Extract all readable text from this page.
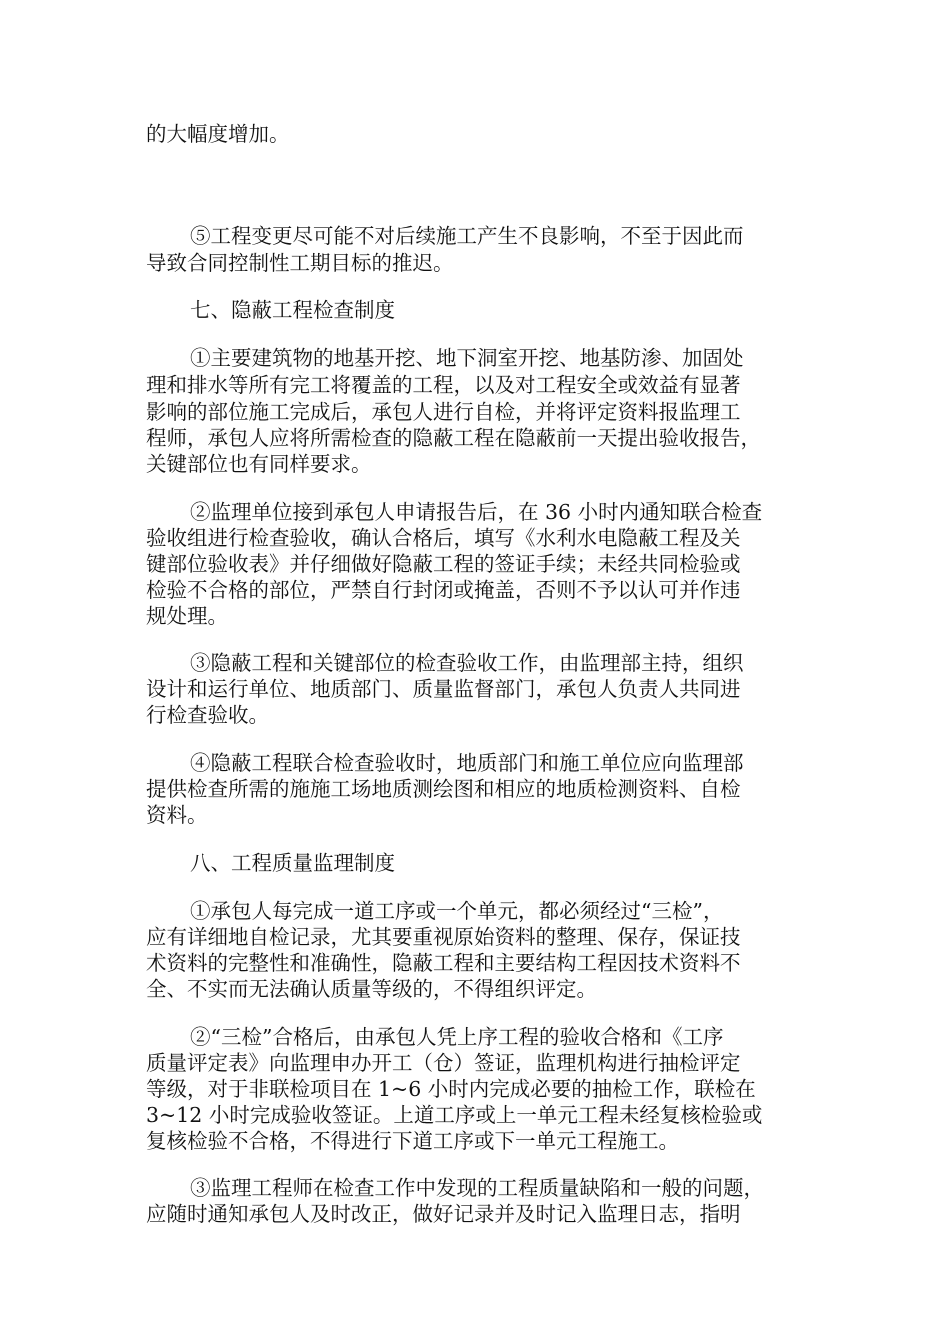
的大幅度增加。
⑤工程变更尽可能不对后续施工产生不良影响，不至于因此而
导致合同控制性工期目标的推迟。
七、隐蔽工程检查制度
①主要建筑物的地基开挖、地下洞室开挖、地基防渗、加固处
理和排水等所有完工将覆盖的工程，以及对工程安全或效益有显著
影响的部位施工完成后，承包人进行自检，并将评定资料报监理工
程师，承包人应将所需检查的隐蔽工程在隐蔽前一天提出验收报告，
关键部位也有同样要求。
②监理单位接到承包人申请报告后，在 36 小时内通知联合检查
验收组进行检查验收，确认合格后，填写《水利水电隐蔽工程及关
键部位验收表》并仔细做好隐蔽工程的签证手续；未经共同检验或
检验不合格的部位，严禁自行封闭或掩盖，否则不予以认可并作违
规处理。
③隐蔽工程和关键部位的检查验收工作，由监理部主持，组织
设计和运行单位、地质部门、质量监督部门，承包人负责人共同进
行检查验收。
④隐蔽工程联合检查验收时，地质部门和施工单位应向监理部
提供检查所需的施施工场地质测绘图和相应的地质检测资料、自检
资料。
八、工程质量监理制度
①承包人每完成一道工序或一个单元，都必须经过“三检”，
应有详细地自检记录，尤其要重视原始资料的整理、保存，保证技
术资料的完整性和准确性，隐蔽工程和主要结构工程因技术资料不
全、不实而无法确认质量等级的，不得组织评定。
②“三检”合格后，由承包人凭上序工程的验收合格和《工序
质量评定表》向监理申办开工（仓）签证，监理机构进行抽检评定
等级，对于非联检项目在 1~6 小时内完成必要的抽检工作，联检在
3~12 小时完成验收签证。上道工序或上一单元工程未经复核检验或
复核检验不合格，不得进行下道工序或下一单元工程施工。
③监理工程师在检查工作中发现的工程质量缺陷和一般的问题，
应随时通知承包人及时改正，做好记录并及时记入监理日志，指明
